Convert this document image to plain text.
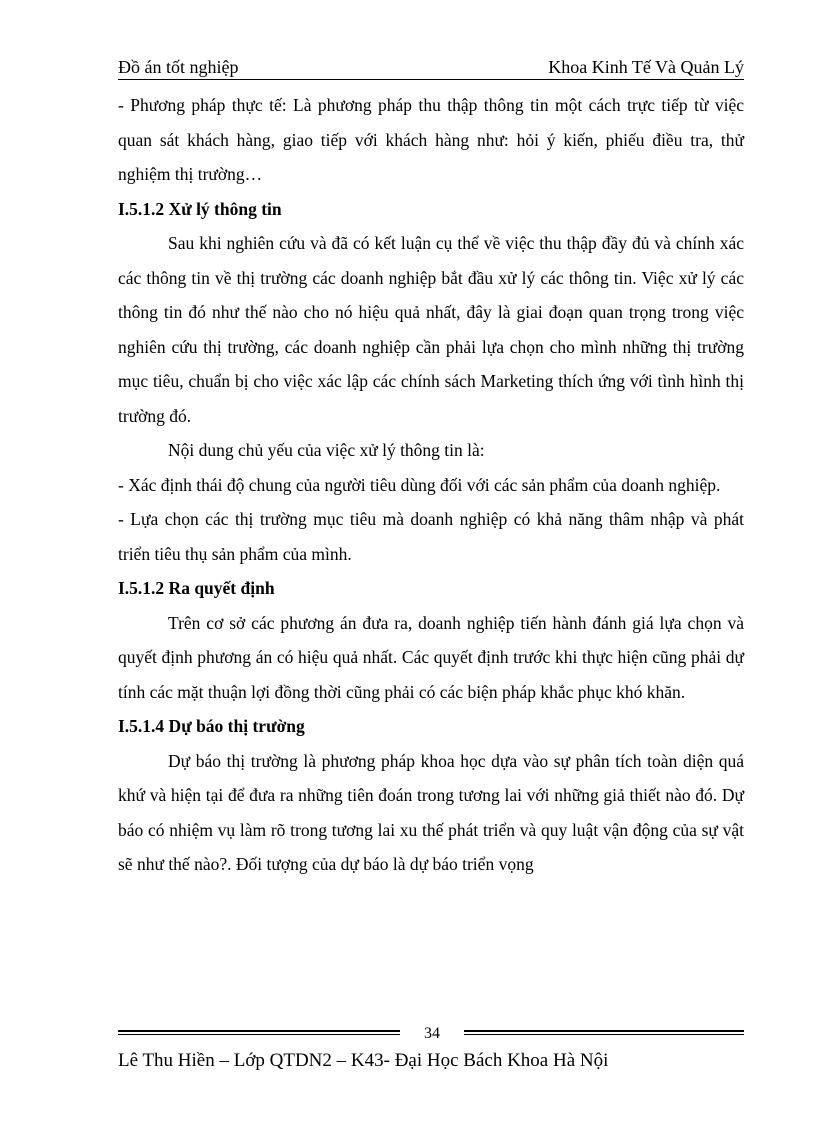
Đồ án tốt nghiệp	Khoa Kinh Tế Và Quản Lý

- Phương pháp thực tế: Là phương pháp thu thập thông tin một cách trực tiếp từ việc quan sát khách hàng, giao tiếp với khách hàng như: hỏi ý kiến, phiếu điều tra, thử nghiệm thị trường…

I.5.1.2 Xử lý thông tin

Sau khi nghiên cứu và đã có kết luận cụ thể về việc thu thập đầy đủ và chính xác các thông tin về thị trường các doanh nghiệp bắt đầu xử lý các thông tin. Việc xử lý các thông tin đó như thế nào cho nó hiệu quả nhất, đây là giai đoạn quan trọng trong việc nghiên cứu thị trường, các doanh nghiệp cần phải lựa chọn cho mình những thị trường mục tiêu, chuẩn bị cho việc xác lập các chính sách Marketing thích ứng với tình hình thị trường đó.

Nội dung chủ yếu của việc xử lý thông tin là:

- Xác định thái độ chung của người tiêu dùng đối với các sản phẩm của doanh nghiệp.

- Lựa chọn các thị trường mục tiêu mà doanh nghiệp có khả năng thâm nhập và phát triển tiêu thụ sản phẩm của mình.

I.5.1.2 Ra quyết định

Trên cơ sở các phương án đưa ra, doanh nghiệp tiến hành đánh giá lựa chọn và quyết định phương án có hiệu quả nhất. Các quyết định trước khi thực hiện cũng phải dự tính các mặt thuận lợi đồng thời cũng phải có các biện pháp khắc phục khó khăn.

I.5.1.4 Dự báo thị trường

Dự báo thị trường là phương pháp khoa học dựa vào sự phân tích toàn diện quá khứ và hiện tại để đưa ra những tiên đoán trong tương lai với những giả thiết nào đó. Dự báo có nhiệm vụ làm rõ trong tương lai xu thế phát triển và quy luật vận động của sự vật sẽ như thế nào?. Đối tượng của dự báo là dự báo triển vọng

34
Lê Thu Hiền – Lớp QTDN2 – K43- Đại Học Bách Khoa Hà Nội
